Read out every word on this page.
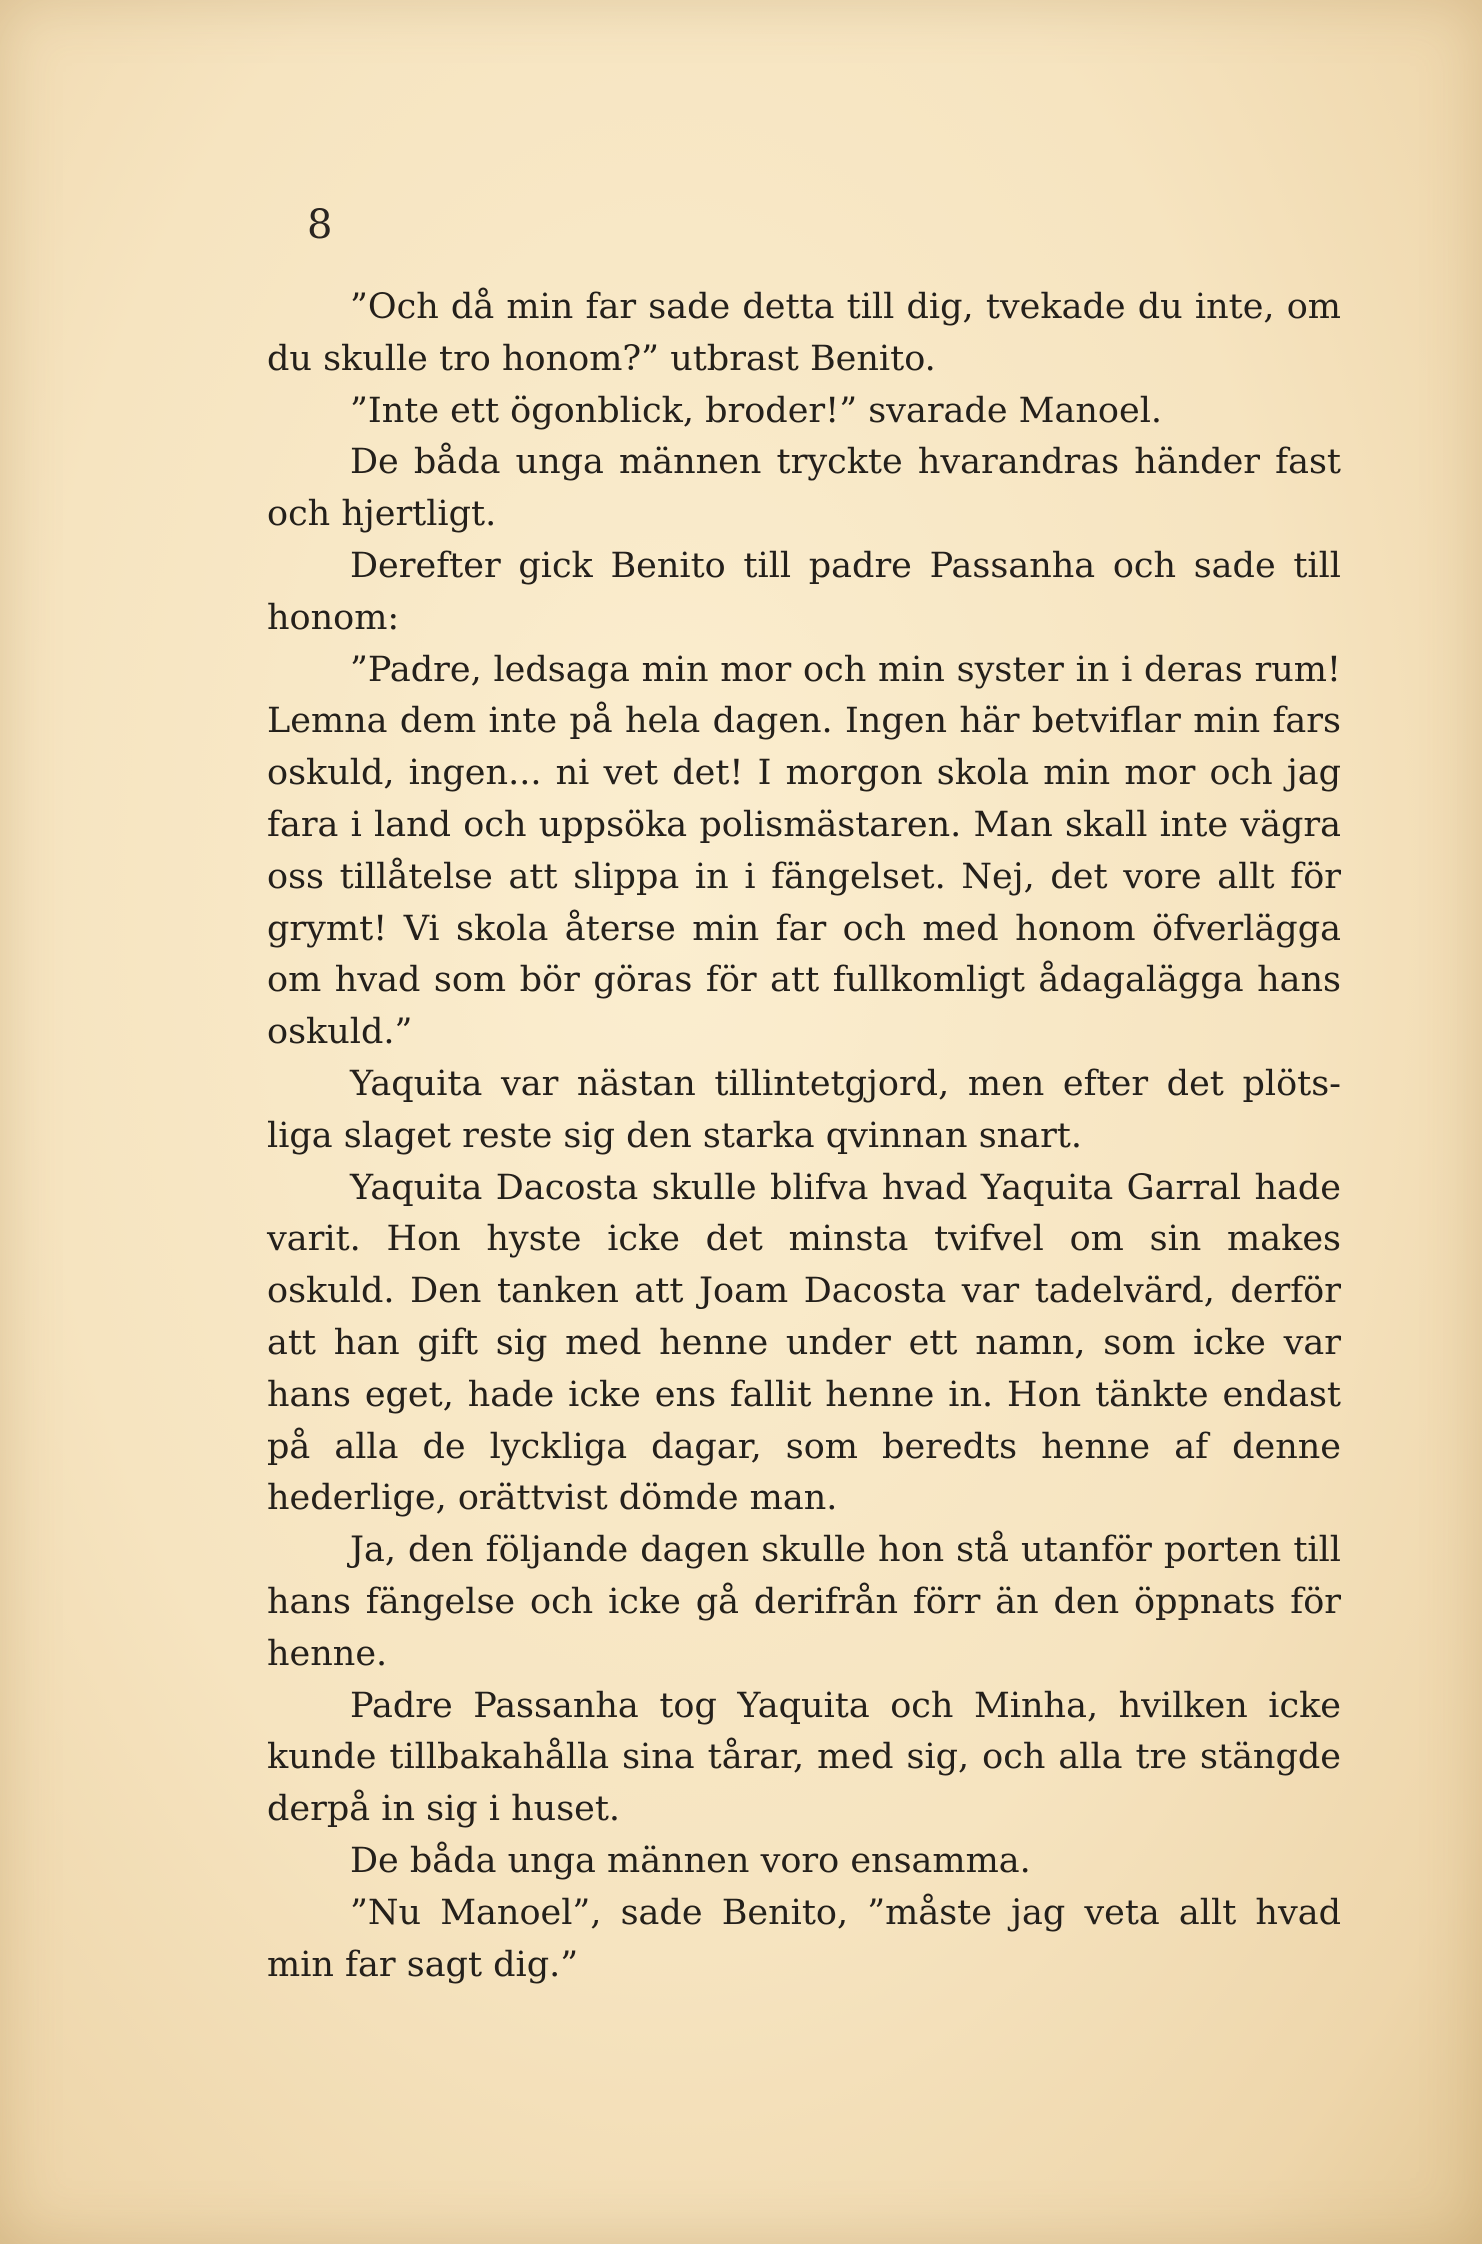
8

”Och då min far sade detta till dig, tvekade du inte, om du skulle tro honom?” utbrast Benito.

”Inte ett ögonblick, broder!” svarade Manoel.

De båda unga männen tryckte hvarandras händer fast och hjertligt.

Derefter gick Benito till padre Passanha och sade till honom:

”Padre, ledsaga min mor och min syster in i deras rum! Lemna dem inte på hela dagen. Ingen här betviflar min fars oskuld, ingen... ni vet det! I morgon skola min mor och jag fara i land och uppsöka polismästaren. Man skall inte vägra oss tillåtelse att slippa in i fängelset. Nej, det vore allt för grymt! Vi skola återse min far och med honom öfverlägga om hvad som bör göras för att fullkomligt ådagalägga hans oskuld.”

Yaquita var nästan tillintetgjord, men efter det plötsliga slaget reste sig den starka qvinnan snart.

Yaquita Dacosta skulle blifva hvad Yaquita Garral hade varit. Hon hyste icke det minsta tvifvel om sin makes oskuld. Den tanken att Joam Dacosta var tadelvärd, derför att han gift sig med henne under ett namn, som icke var hans eget, hade icke ens fallit henne in. Hon tänkte endast på alla de lyckliga dagar, som beredts henne af denne hederlige, orättvist dömde man.

Ja, den följande dagen skulle hon stå utanför porten till hans fängelse och icke gå derifrån förr än den öppnats för henne.

Padre Passanha tog Yaquita och Minha, hvilken icke kunde tillbakahålla sina tårar, med sig, och alla tre stängde derpå in sig i huset.

De båda unga männen voro ensamma.

”Nu Manoel”, sade Benito, ”måste jag veta allt hvad min far sagt dig.”
